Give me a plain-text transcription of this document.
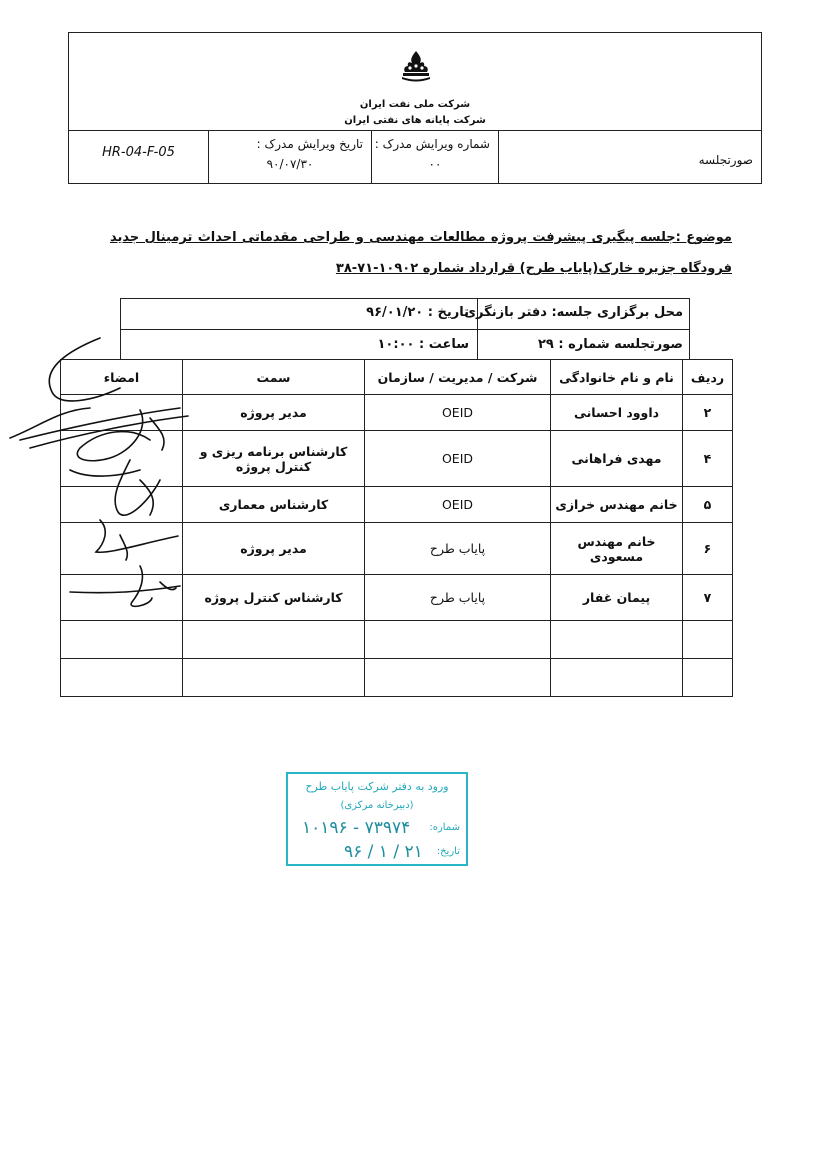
شرکت ملی نفت ایران
شرکت پایانه های نفتی ایران
صورتجلسه
شماره ویرایش مدرک :
۰۰
تاریخ ویرایش مدرک :
۹۰/۰۷/۳۰
HR-04-F-05
موضوع :جلسه پیگیری پیشرفت پروژه مطالعات مهندسی و طراحی مقدماتی احداث ترمینال جدید فرودگاه جزیره خارک(پایاب طرح) قرارداد شماره ۱۰۹۰۲-۷۱-۳۸
محل برگزاری جلسه: دفتر بازنگری
صورتجلسه شماره : ۲۹
تاریخ : ۹۶/۰۱/۲۰
ساعت : ۱۰:۰۰
ردیف	نام و نام خانوادگی	شرکت / مدیریت / سازمان	سمت	امضاء
۲	داوود احسانی	OEID	مدیر پروژه	
۴	مهدی فراهانی	OEID	کارشناس برنامه ریزی و کنترل پروژه	
۵	خانم مهندس خرازی	OEID	کارشناس معماری	
۶	خانم مهندس مسعودی	پایاب طرح	مدیر پروژه	
۷	پیمان غفار	پایاب طرح	کارشناس کنترل پروژه	

ورود به دفتر شرکت پایاب طرح
(دبیرخانه مرکزی)
شماره:
۱۰۱۹۶ - ۷۳۹۷۴
تاریخ:
۹۶ / ۱ / ۲۱
